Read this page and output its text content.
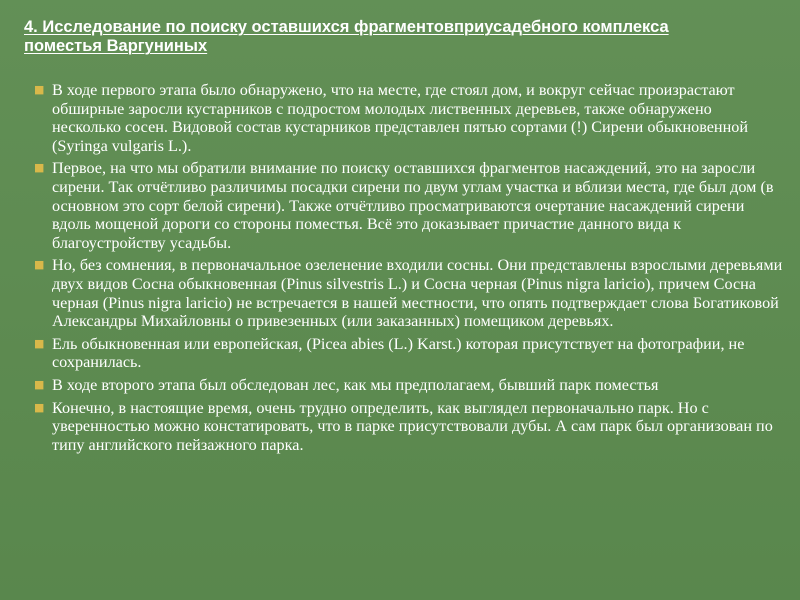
4. Исследование по поиску оставшихся фрагментовприусадебного комплекса поместья Варгуниных
■ В ходе первого этапа было обнаружено, что на месте, где стоял дом, и вокруг сейчас произрастают обширные заросли кустарников с подростом молодых лиственных деревьев, также обнаружено несколько сосен. Видовой состав кустарников представлен пятью сортами (!) Сирени обыкновенной (Syringa vulgaris L.).
■ Первое, на что мы обратили внимание по поиску оставшихся фрагментов насаждений, это на заросли сирени. Так отчётливо различимы посадки сирени по двум углам участка и вблизи места, где был дом (в основном это сорт белой сирени). Также отчётливо просматриваются очертание насаждений сирени вдоль мощеной дороги со стороны поместья. Всё это доказывает причастие данного вида к благоустройству усадьбы.
■ Но, без сомнения, в первоначальное озеленение входили сосны. Они представлены взрослыми деревьями двух видов Сосна обыкновенная (Pinus silvestris L.) и Сосна черная (Pinus nigra laricio), причем Сосна черная (Pinus nigra laricio) не встречается в нашей местности, что опять подтверждает слова Богатиковой Александры Михайловны о привезенных (или заказанных) помещиком деревьях.
■ Ель обыкновенная или европейская, (Picea abies (L.) Karst.) которая присутствует на фотографии, не сохранилась.
■ В ходе второго этапа был обследован лес, как мы предполагаем, бывший парк поместья
■ Конечно, в настоящие время, очень трудно определить, как выглядел первоначально парк. Но с уверенностью можно констатировать, что в парке присутствовали дубы. А сам парк был организован по типу английского пейзажного парка.
